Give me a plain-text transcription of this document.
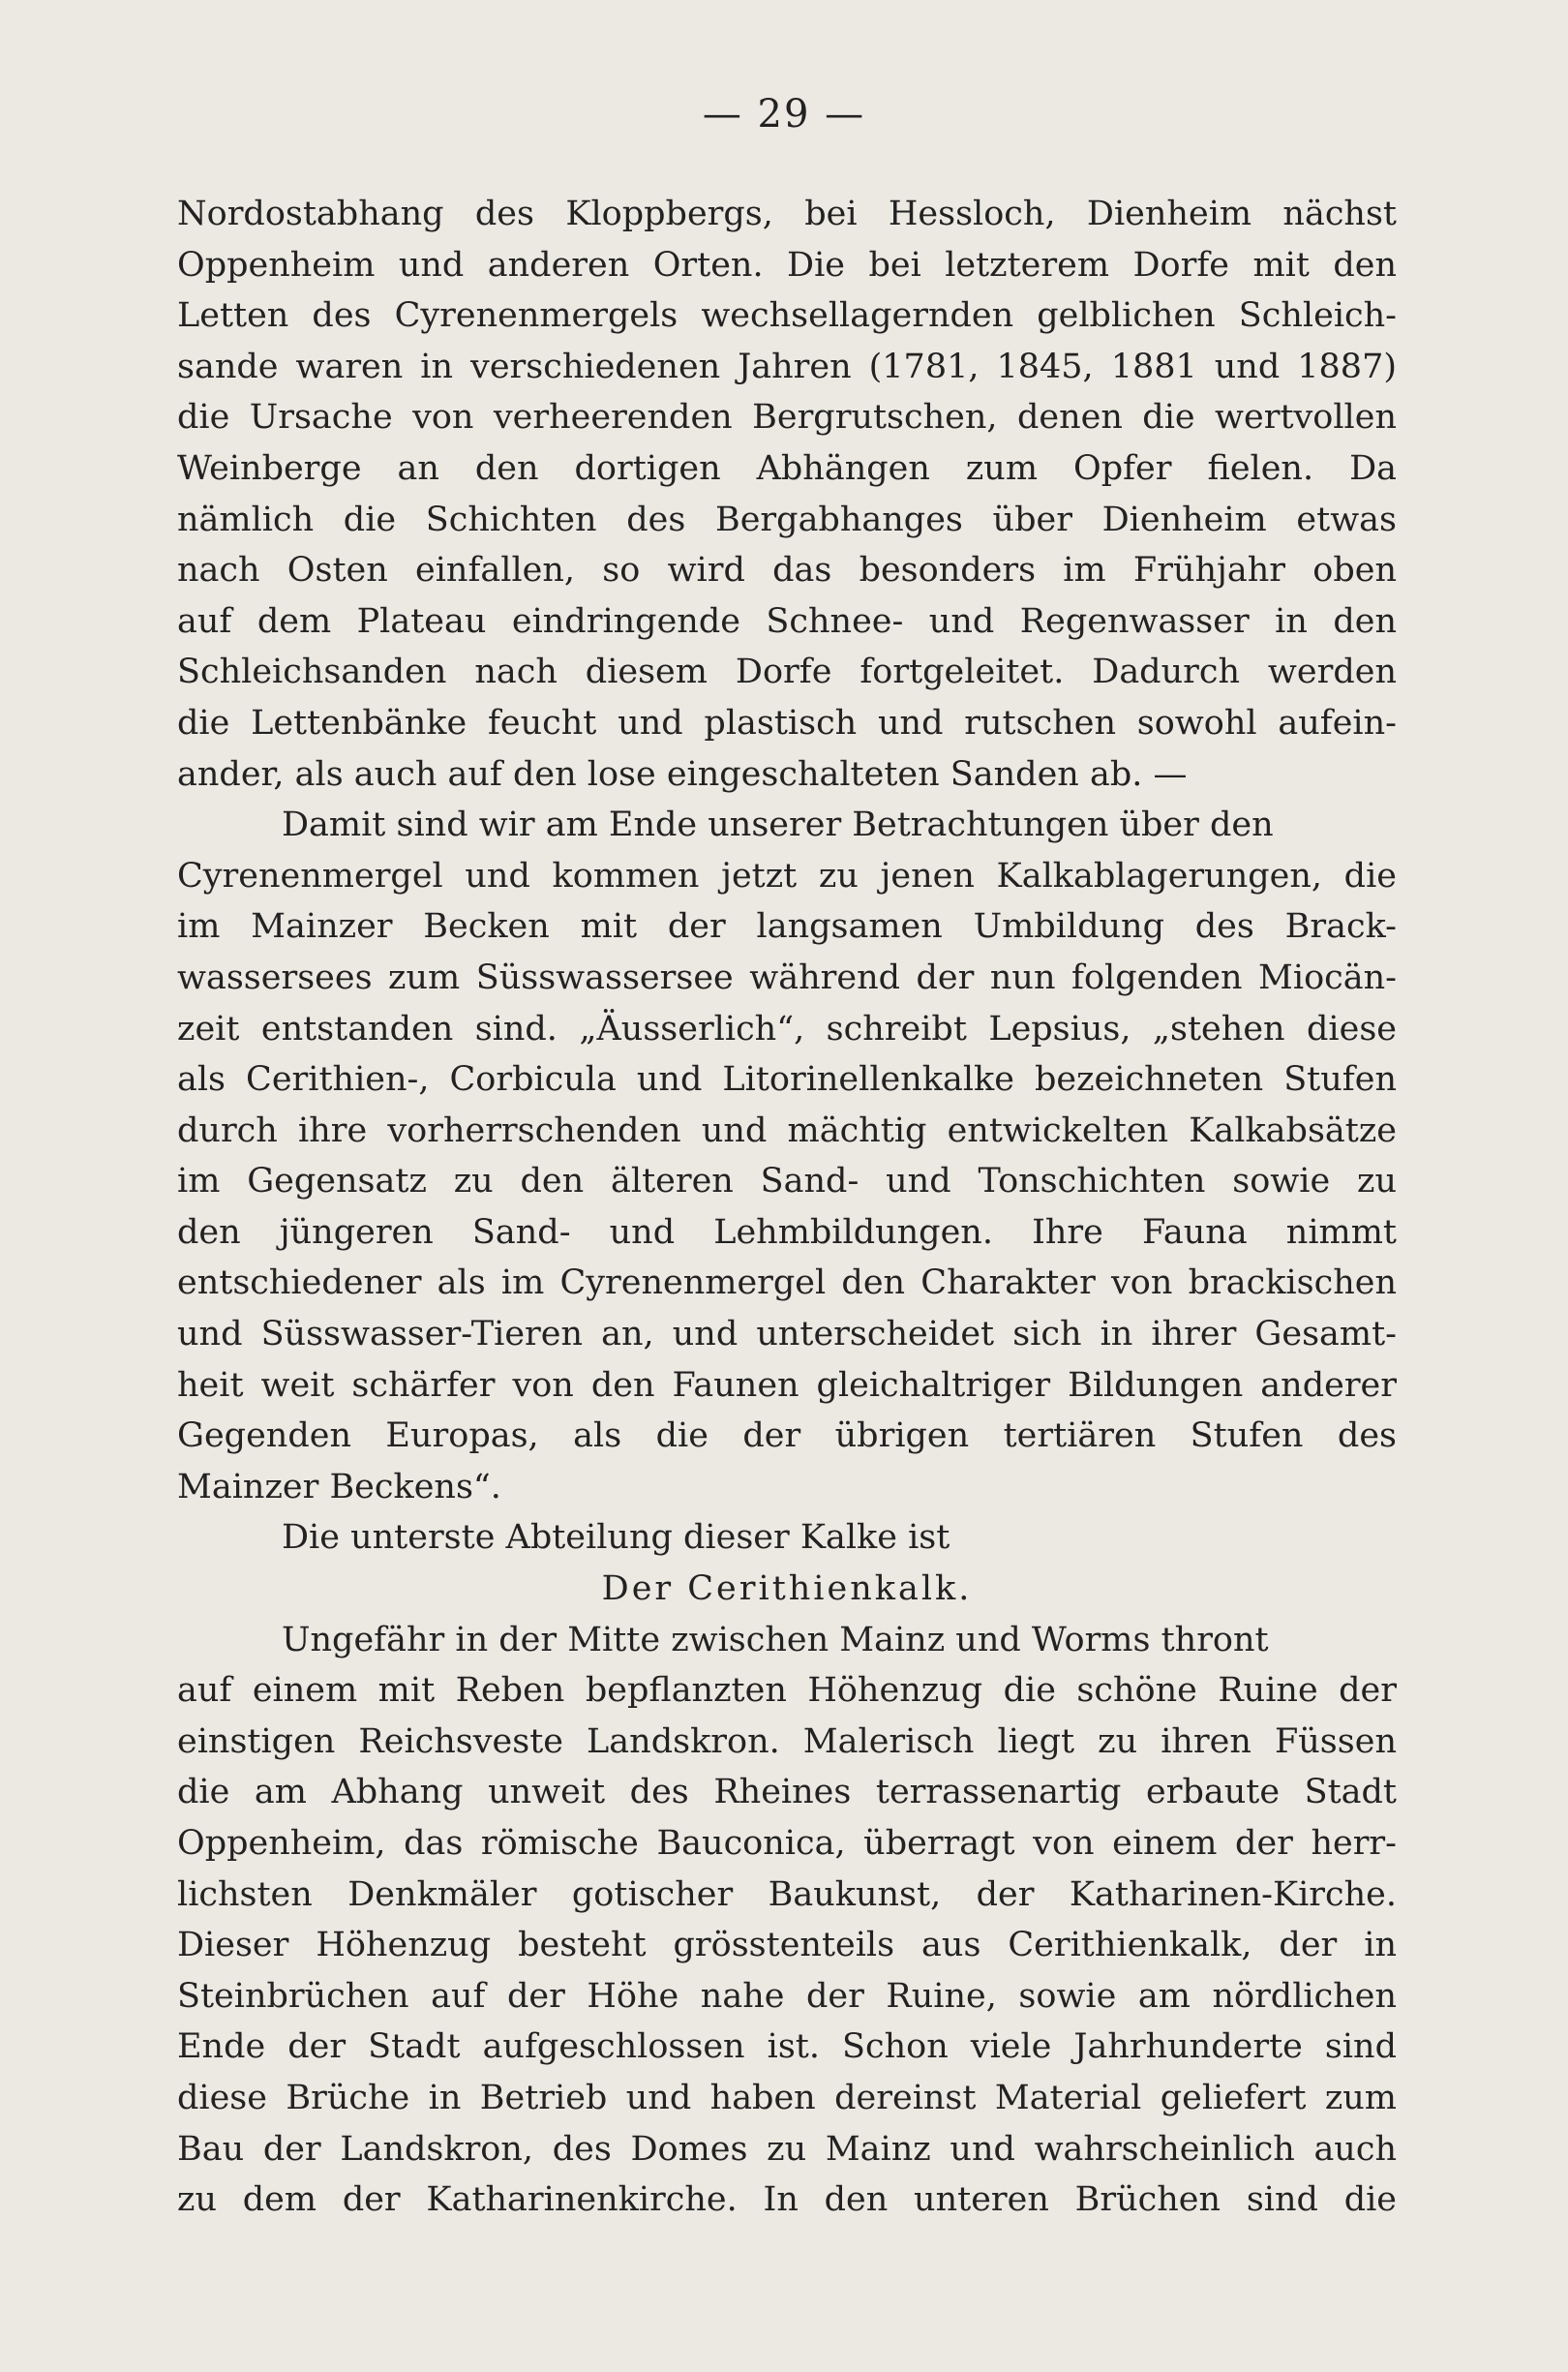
— 29 —
Nordostabhang des Kloppbergs, bei Hessloch, Dienheim nächst
Oppenheim und anderen Orten. Die bei letzterem Dorfe mit den
Letten des Cyrenenmergels wechsellagernden gelblichen Schleich-
sande waren in verschiedenen Jahren (1781, 1845, 1881 und 1887)
die Ursache von verheerenden Bergrutschen, denen die wertvollen
Weinberge an den dortigen Abhängen zum Opfer fielen. Da
nämlich die Schichten des Bergabhanges über Dienheim etwas
nach Osten einfallen, so wird das besonders im Frühjahr oben
auf dem Plateau eindringende Schnee- und Regenwasser in den
Schleichsanden nach diesem Dorfe fortgeleitet. Dadurch werden
die Lettenbänke feucht und plastisch und rutschen sowohl aufein-
ander, als auch auf den lose eingeschalteten Sanden ab. —
Damit sind wir am Ende unserer Betrachtungen über den
Cyrenenmergel und kommen jetzt zu jenen Kalkablagerungen, die
im Mainzer Becken mit der langsamen Umbildung des Brack-
wassersees zum Süsswassersee während der nun folgenden Miocän-
zeit entstanden sind. „Äusserlich“, schreibt Lepsius, „stehen diese
als Cerithien-, Corbicula und Litorinellenkalke bezeichneten Stufen
durch ihre vorherrschenden und mächtig entwickelten Kalkabsätze
im Gegensatz zu den älteren Sand- und Tonschichten sowie zu
den jüngeren Sand- und Lehmbildungen. Ihre Fauna nimmt
entschiedener als im Cyrenenmergel den Charakter von brackischen
und Süsswasser-Tieren an, und unterscheidet sich in ihrer Gesamt-
heit weit schärfer von den Faunen gleichaltriger Bildungen anderer
Gegenden Europas, als die der übrigen tertiären Stufen des
Mainzer Beckens“.
Die unterste Abteilung dieser Kalke ist
Der Cerithienkalk.
Ungefähr in der Mitte zwischen Mainz und Worms thront
auf einem mit Reben bepflanzten Höhenzug die schöne Ruine der
einstigen Reichsveste Landskron. Malerisch liegt zu ihren Füssen
die am Abhang unweit des Rheines terrassenartig erbaute Stadt
Oppenheim, das römische Bauconica, überragt von einem der herr-
lichsten Denkmäler gotischer Baukunst, der Katharinen-Kirche.
Dieser Höhenzug besteht grösstenteils aus Cerithienkalk, der in
Steinbrüchen auf der Höhe nahe der Ruine, sowie am nördlichen
Ende der Stadt aufgeschlossen ist. Schon viele Jahrhunderte sind
diese Brüche in Betrieb und haben dereinst Material geliefert zum
Bau der Landskron, des Domes zu Mainz und wahrscheinlich auch
zu dem der Katharinenkirche. In den unteren Brüchen sind die
